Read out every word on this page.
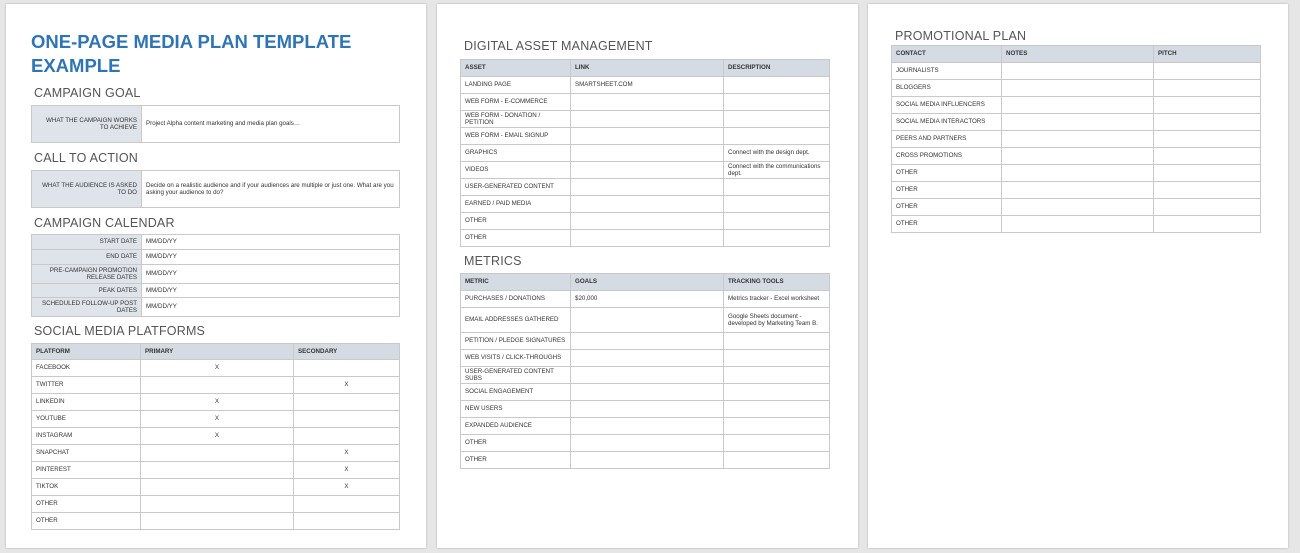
ONE-PAGE MEDIA PLAN TEMPLATE EXAMPLE
CAMPAIGN GOAL
WHAT THE CAMPAIGN WORKS TO ACHIEVE	Project Alpha content marketing and media plan goals…
CALL TO ACTION
WHAT THE AUDIENCE IS ASKED TO DO	Decide on a realistic audience and if your audiences are multiple or just one. What are you asking your audience to do?
CAMPAIGN CALENDAR
START DATE	MM/DD/YY
END DATE	MM/DD/YY
PRE-CAMPAIGN PROMOTION RELEASE DATES	MM/DD/YY
PEAK DATES	MM/DD/YY
SCHEDULED FOLLOW-UP POST DATES	MM/DD/YY
SOCIAL MEDIA PLATFORMS
PLATFORM	PRIMARY	SECONDARY
FACEBOOK	X	
TWITTER		X
LINKEDIN	X	
YOUTUBE	X	
INSTAGRAM	X	
SNAPCHAT		X
PINTEREST		X
TIKTOK		X
OTHER		
OTHER		
DIGITAL ASSET MANAGEMENT
ASSET	LINK	DESCRIPTION
LANDING PAGE	SMARTSHEET.COM	
WEB FORM - E-COMMERCE		
WEB FORM - DONATION / PETITION		
WEB FORM - EMAIL SIGNUP		
GRAPHICS		Connect with the design dept.
VIDEOS		Connect with the communications dept.
USER-GENERATED CONTENT		
EARNED / PAID MEDIA		
OTHER		
OTHER		
METRICS
METRIC	GOALS	TRACKING TOOLS
PURCHASES / DONATIONS	$20,000	Metrics tracker - Excel worksheet
EMAIL ADDRESSES GATHERED		Google Sheets document - developed by Marketing Team B.
PETITION / PLEDGE SIGNATURES		
WEB VISITS / CLICK-THROUGHS		
USER-GENERATED CONTENT SUBS		
SOCIAL ENGAGEMENT		
NEW USERS		
EXPANDED AUDIENCE		
OTHER		
OTHER		
PROMOTIONAL PLAN
CONTACT	NOTES	PITCH
JOURNALISTS		
BLOGGERS		
SOCIAL MEDIA INFLUENCERS		
SOCIAL MEDIA INTERACTORS		
PEERS AND PARTNERS		
CROSS PROMOTIONS		
OTHER		
OTHER		
OTHER		
OTHER		
